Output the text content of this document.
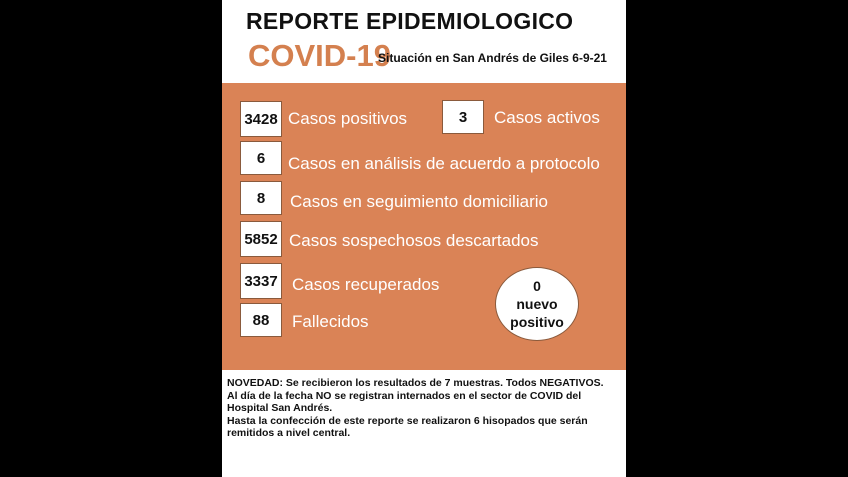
REPORTE EPIDEMIOLOGICO
COVID-19
Situación en San Andrés de Giles 6-9-21
3428 Casos positivos	3	Casos activos
6	Casos en análisis de acuerdo a protocolo
8	Casos en seguimiento domiciliario
5852 Casos sospechosos descartados
3337 Casos recuperados
88	Fallecidos
0
nuevo
positivo
NOVEDAD: Se recibieron los resultados de 7 muestras. Todos NEGATIVOS.
Al día de la fecha NO se registran internados en el sector de COVID del Hospital San Andrés.
Hasta la confección de este reporte se realizaron 6 hisopados que serán remitidos a nivel central.
